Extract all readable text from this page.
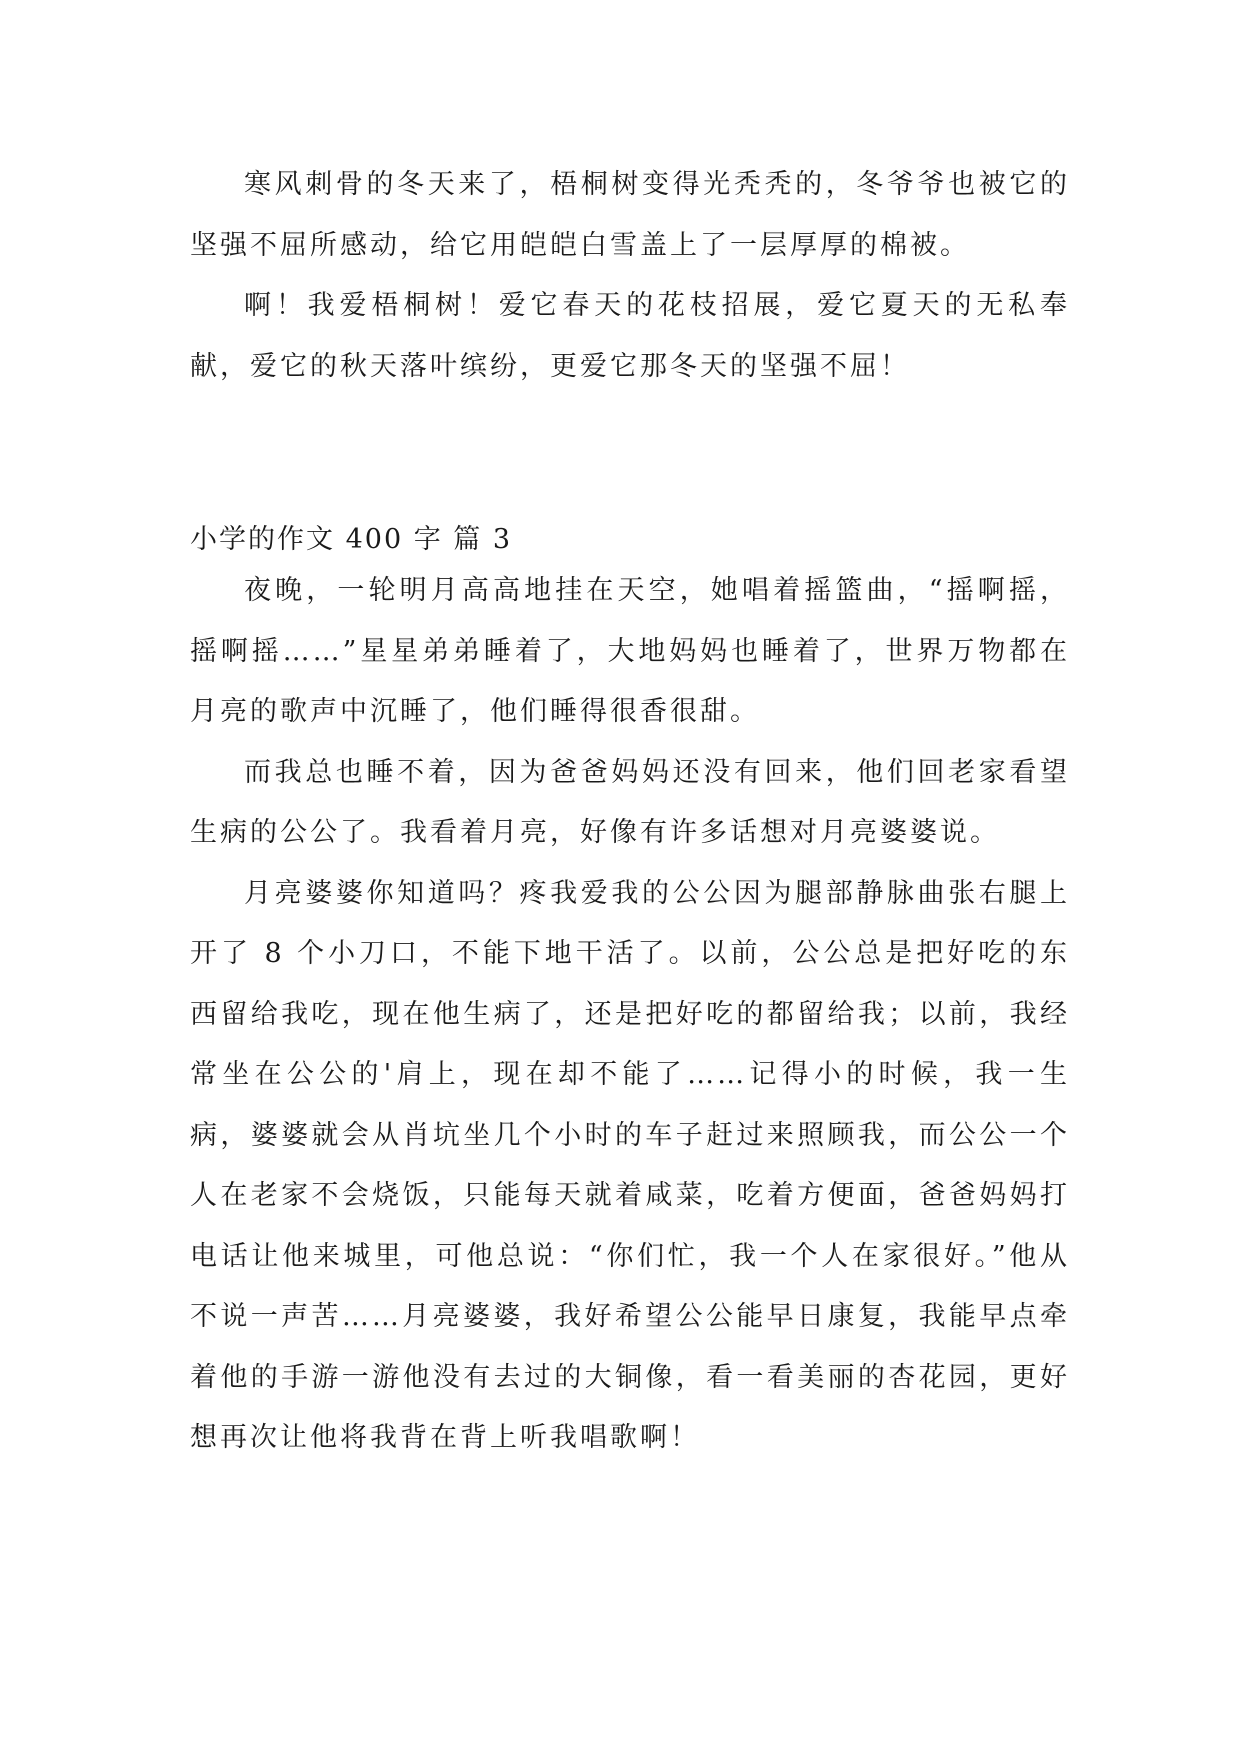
寒风刺骨的冬天来了，梧桐树变得光秃秃的，冬爷爷也被它的坚强不屈所感动，给它用皑皑白雪盖上了一层厚厚的棉被。

啊！我爱梧桐树！爱它春天的花枝招展，爱它夏天的无私奉献，爱它的秋天落叶缤纷，更爱它那冬天的坚强不屈！

小学的作文 400 字 篇 3

夜晚，一轮明月高高地挂在天空，她唱着摇篮曲，“摇啊摇，摇啊摇……”星星弟弟睡着了，大地妈妈也睡着了，世界万物都在月亮的歌声中沉睡了，他们睡得很香很甜。

而我总也睡不着，因为爸爸妈妈还没有回来，他们回老家看望生病的公公了。我看着月亮，好像有许多话想对月亮婆婆说。

月亮婆婆你知道吗？疼我爱我的公公因为腿部静脉曲张右腿上开了 8 个小刀口，不能下地干活了。以前，公公总是把好吃的东西留给我吃，现在他生病了，还是把好吃的都留给我；以前，我经常坐在公公的'肩上，现在却不能了……记得小的时候，我一生病，婆婆就会从肖坑坐几个小时的车子赶过来照顾我，而公公一个人在老家不会烧饭，只能每天就着咸菜，吃着方便面，爸爸妈妈打电话让他来城里，可他总说：“你们忙，我一个人在家很好。”他从不说一声苦……月亮婆婆，我好希望公公能早日康复，我能早点牵着他的手游一游他没有去过的大铜像，看一看美丽的杏花园，更好想再次让他将我背在背上听我唱歌啊！
